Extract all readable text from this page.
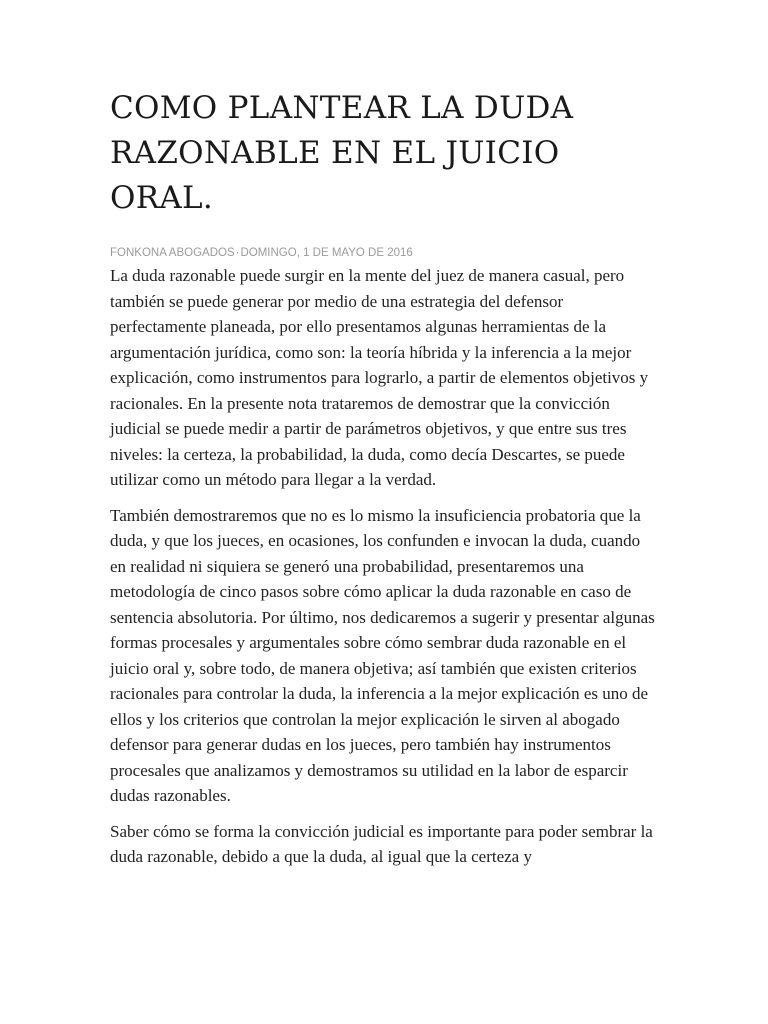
COMO PLANTEAR LA DUDA RAZONABLE EN EL JUICIO ORAL.
FONKONA ABOGADOS·DOMINGO, 1 DE MAYO DE 2016

La duda razonable puede surgir en la mente del juez de manera casual, pero también se puede generar por medio de una estrategia del defensor perfectamente planeada, por ello presentamos algunas herramientas de la argumentación jurídica, como son: la teoría híbrida y la inferencia a la mejor explicación, como instrumentos para lograrlo, a partir de elementos objetivos y racionales. En la presente nota trataremos de demostrar que la convicción judicial se puede medir a partir de parámetros objetivos, y que entre sus tres niveles: la certeza, la probabilidad, la duda, como decía Descartes, se puede utilizar como un método para llegar a la verdad.

También demostraremos que no es lo mismo la insuficiencia probatoria que la duda, y que los jueces, en ocasiones, los confunden e invocan la duda, cuando en realidad ni siquiera se generó una probabilidad, presentaremos una metodología de cinco pasos sobre cómo aplicar la duda razonable en caso de sentencia absolutoria. Por último, nos dedicaremos a sugerir y presentar algunas formas procesales y argumentales sobre cómo sembrar duda razonable en el juicio oral y, sobre todo, de manera objetiva; así también que existen criterios racionales para controlar la duda, la inferencia a la mejor explicación es uno de ellos y los criterios que controlan la mejor explicación le sirven al abogado defensor para generar dudas en los jueces, pero también hay instrumentos procesales que analizamos y demostramos su utilidad en la labor de esparcir dudas razonables.

Saber cómo se forma la convicción judicial es importante para poder sembrar la duda razonable, debido a que la duda, al igual que la certeza y
